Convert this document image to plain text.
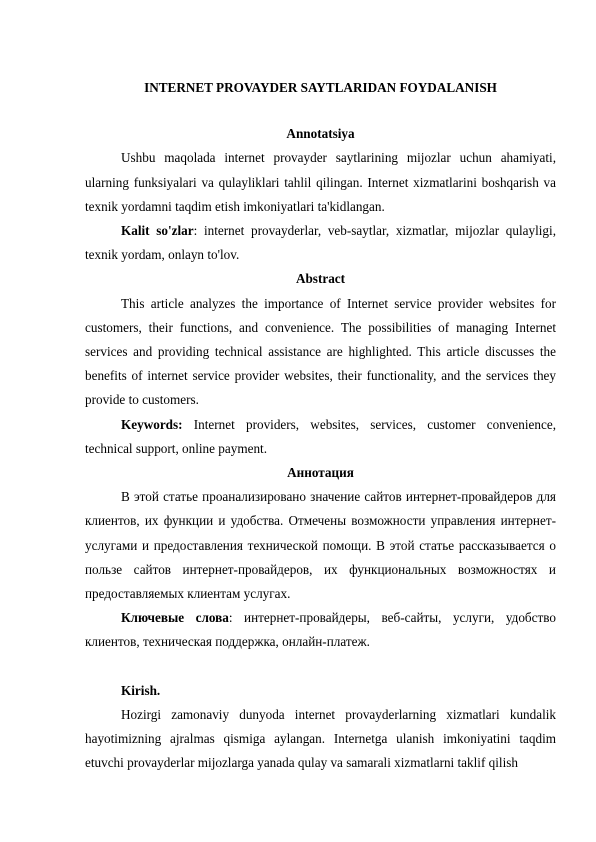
INTERNET PROVAYDER SAYTLARIDAN FOYDALANISH
Annotatsiya

Ushbu maqolada internet provayder saytlarining mijozlar uchun ahamiyati, ularning funksiyalari va qulayliklari tahlil qilingan. Internet xizmatlarini boshqarish va texnik yordamni taqdim etish imkoniyatlari ta'kidlangan.

Kalit so'zlar: internet provayderlar, veb-saytlar, xizmatlar, mijozlar qulayligi, texnik yordam, onlayn to'lov.

Abstract

This article analyzes the importance of Internet service provider websites for customers, their functions, and convenience. The possibilities of managing Internet services and providing technical assistance are highlighted. This article discusses the benefits of internet service provider websites, their functionality, and the services they provide to customers.

Keywords: Internet providers, websites, services, customer convenience, technical support, online payment.

Аннотация

В этой статье проанализировано значение сайтов интернет-провайдеров для клиентов, их функции и удобства. Отмечены возможности управления интернет-услугами и предоставления технической помощи. В этой статье рассказывается о пользе сайтов интернет-провайдеров, их функциональных возможностях и предоставляемых клиентам услугах.

Ключевые слова: интернет-провайдеры, веб-сайты, услуги, удобство клиентов, техническая поддержка, онлайн-платеж.

Kirish.

Hozirgi zamonaviy dunyoda internet provayderlarning xizmatlari kundalik hayotimizning ajralmas qismiga aylangan. Internetga ulanish imkoniyatini taqdim etuvchi provayderlar mijozlarga yanada qulay va samarali xizmatlarni taklif qilish
